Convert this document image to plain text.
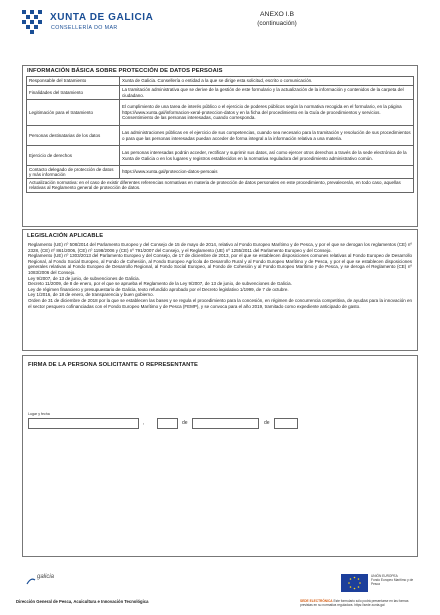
XUNTA DE GALICIA
CONSELLERÍA DO MAR
ANEXO I.B
(continuación)
INFORMACIÓN BÁSICA SOBRE PROTECCIÓN DE DATOS PERSOAIS
Responsable del tratamiento	Xunta de Galicia. Consellería o entidad a la que se dirige esta solicitud, escrito o comunicación.
Finalidades del tratamiento	La tramitación administrativa que se derive de la gestión de este formulario y la actualización de la información y contenidos de la carpeta del ciudadano.
Legitimación para el tratamiento	El cumplimiento de una tarea de interés público o el ejercicio de poderes públicos según la normativa recogida en el formulario, en la página https://www.xunta.gal/informacion-xeral-proteccion-datos y en la ficha del procedimiento en la Guía de procedimientos y servicios. Consentimiento de las personas interesadas, cuando corresponda.
Personas destinatarias de los datos	Las administraciones públicas en el ejercicio de sus competencias, cuando sea necesario para la tramitación y resolución de sus procedimientos o para que las personas interesadas puedan acceder de forma integral a la información relativa a una materia.
Ejercicio de derechos	Las personas interesadas podrán acceder, rectificar y suprimir sus datos, así como ejercer otros derechos a través de la sede electrónica de la Xunta de Galicia o en los lugares y registros establecidos en la normativa reguladora del procedimiento administrativo común.
Contacto delegado de protección de datos y más información	https://www.xunta.gal/proteccion-datos-persoais
Actualización normativa: en el caso de existir diferentes referencias normativas en materia de protección de datos personales en este procedimiento, prevalecerán, en todo caso, aquellas relativas al Reglamento general de protección de datos.	
LEGISLACIÓN APLICABLE

Reglamento (UE) nº 508/2014 del Parlamento Europeo y del Consejo de 15 de mayo de 2014, relativo al Fondo Europeo Marítimo y de Pesca, y por el que se derogan los reglamentos (CE) nº 2328, (CE) nº 861/2006, (CE) nº 1198/2006 y (CE) nº 791/2007 del Consejo, y el Reglamento (UE) nº 1255/2011 del Parlamento Europeo y del Consejo.

Reglamento (UE) nº 1303/2013 del Parlamento Europeo y del Consejo, de 17 de diciembre de 2013, por el que se establecen disposiciones comunes relativas al Fondo Europeo de Desarrollo Regional, al Fondo Social Europeo, al Fondo de Cohesión, al Fondo Europeo Agrícola de Desarrollo Rural y al Fondo Europeo Marítimo y de Pesca, y por el que se establecen disposiciones generales relativas al Fondo Europeo de Desarrollo Regional, al Fondo Social Europeo, al Fondo de Cohesión y al Fondo Europeo Marítimo y de Pesca, y se deroga el Reglamento (CE) nº 1083/2006 del Consejo.

Ley 9/2007, de 13 de junio, de subvenciones de Galicia.

Decreto 11/2009, de 8 de enero, por el que se aprueba el Reglamento de la Ley 9/2007, de 13 de junio, de subvenciones de Galicia.

Ley de régimen financiero y presupuestario de Galicia, texto refundido aprobado por el Decreto legislativo 1/1999, de 7 de octubre.

Ley 1/2016, de 18 de enero, de transparencia y buen gobierno.

Orden de 31 de diciembre de 2018 por la que se establecen las bases y se regula el procedimiento para la concesión, en régimen de concurrencia competitiva, de ayudas para la innovación en el sector pesquero cofinanciadas con el Fondo Europeo Marítimo y de Pesca (FEMP), y se convoca para el año 2019, tramitado como expediente anticipado de gasto.

FIRMA DE LA PERSONA SOLICITANTE O REPRESENTANTE
Lugar y fecha
,	de	de
galicia
Dirección General de Pesca, Acuicultura e Innovación Tecnológica
UNIÓN EUROPEA
Fondo Europeo Marítimo y de Pesca
SEDE ELECTRÓNICA Este formulario sólo podrá presentarse en las formas previstas en su normativa reguladora. https://sede.xunta.gal
